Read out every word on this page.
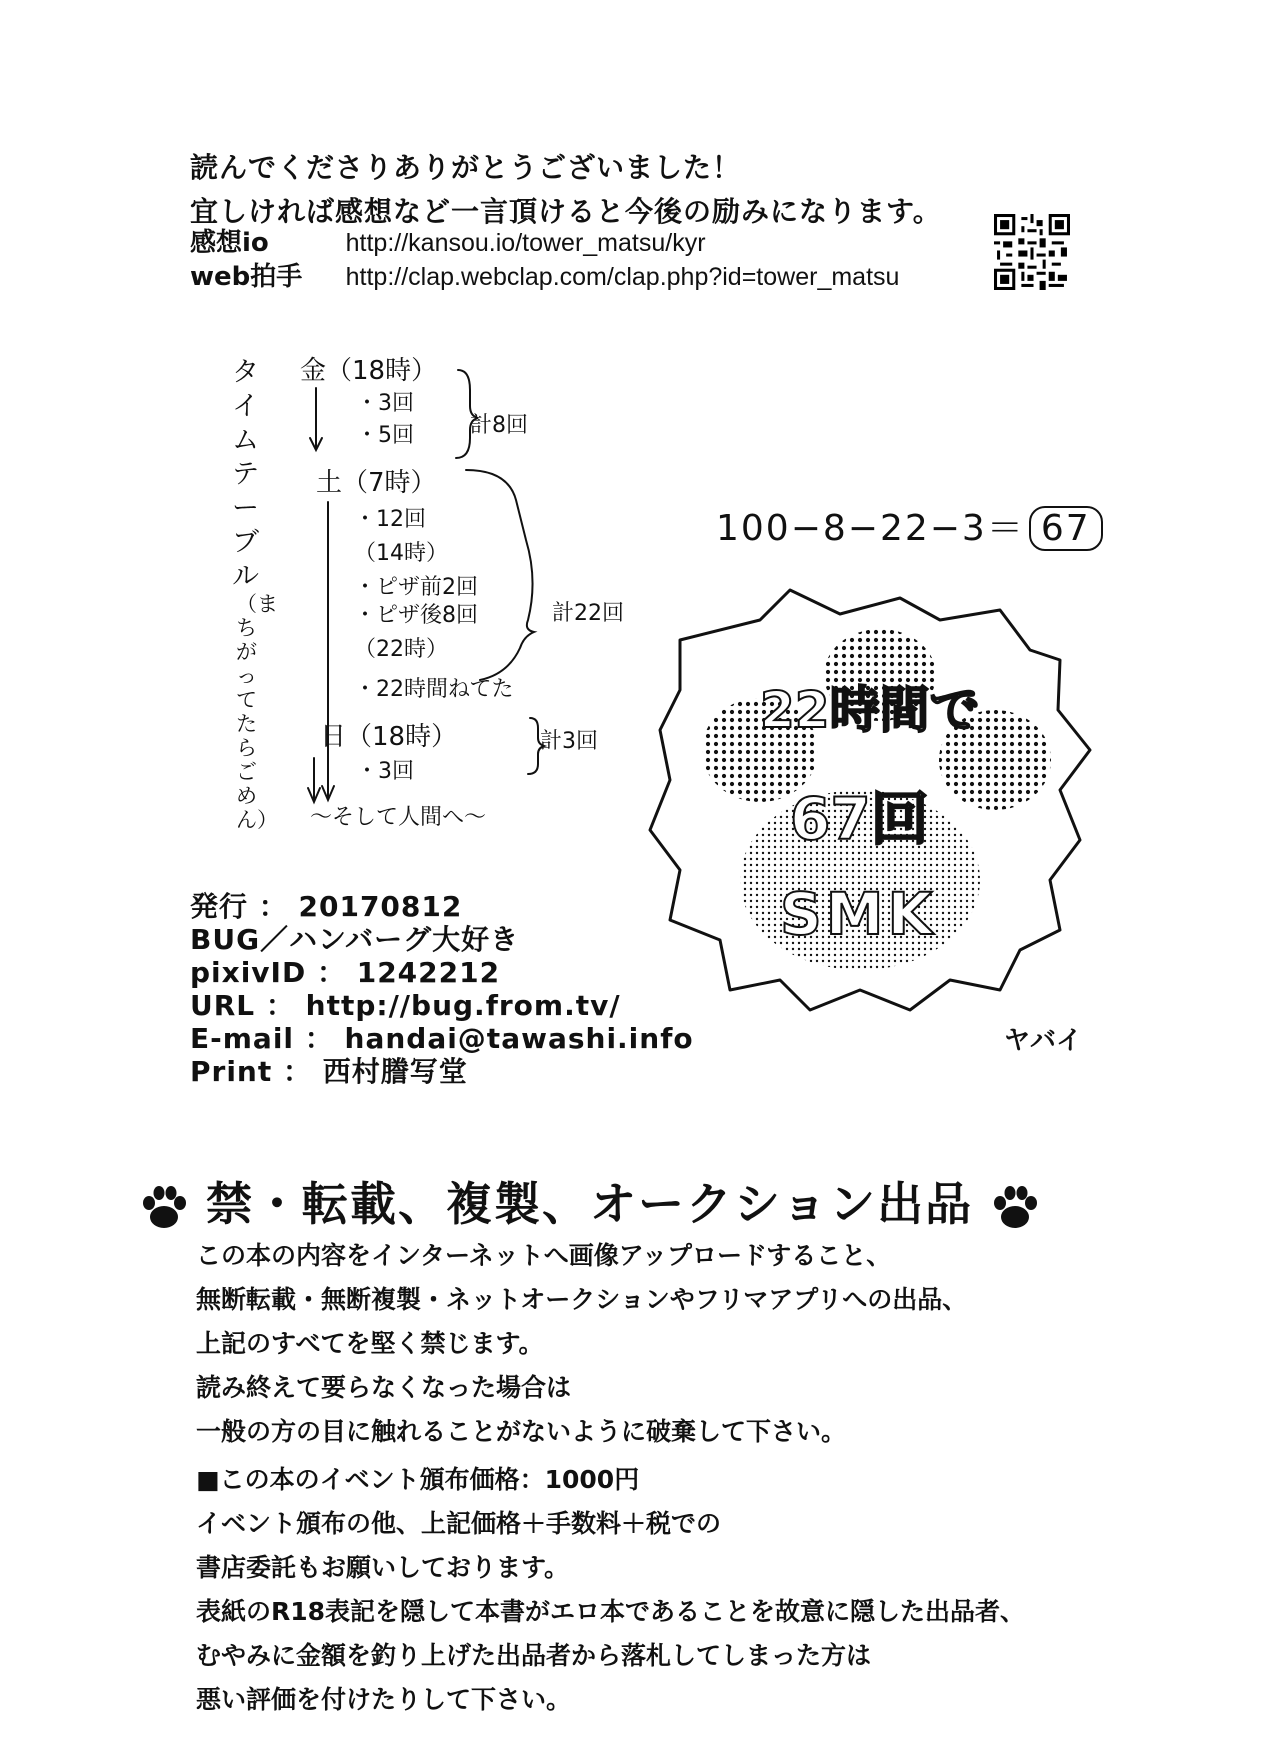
読んでくださりありがとうございました！
宜しければ感想など一言頂けると今後の励みになります。
感想io	http://kansou.io/tower_matsu/kyr
web拍手 http://clap.webclap.com/clap.php?id=tower_matsu
タイムテーブル
（まちがってたらごめん）
金（18時）
・3回
・5回	計8回
土（7時）
・12回
（14時）
・ピザ前2回
・ピザ後8回
（22時）
・22時間ねてた
計22回
日（18時）
・3回
計3回
〜そして人間へ〜
100−8−22−3＝ 67
22時間で
67回
SMK
ヤバイ
発行 ： 20170812
BUG／ハンバーグ大好き
pixivID ： 1242212
URL ： http://bug.from.tv/
E-mail ： handai@tawashi.info
Print ： 西村謄写堂
禁・転載、複製、オークション出品
この本の内容をインターネットへ画像アップロードすること、
無断転載・無断複製・ネットオークションやフリマアプリへの出品、
上記のすべてを堅く禁じます。
読み終えて要らなくなった場合は
一般の方の目に触れることがないように破棄して下さい。
■この本のイベント頒布価格：1000円
イベント頒布の他、上記価格＋手数料＋税での
書店委託もお願いしております。
表紙のR18表記を隠して本書がエロ本であることを故意に隠した出品者、
むやみに金額を釣り上げた出品者から落札してしまった方は
悪い評価を付けたりして下さい。
